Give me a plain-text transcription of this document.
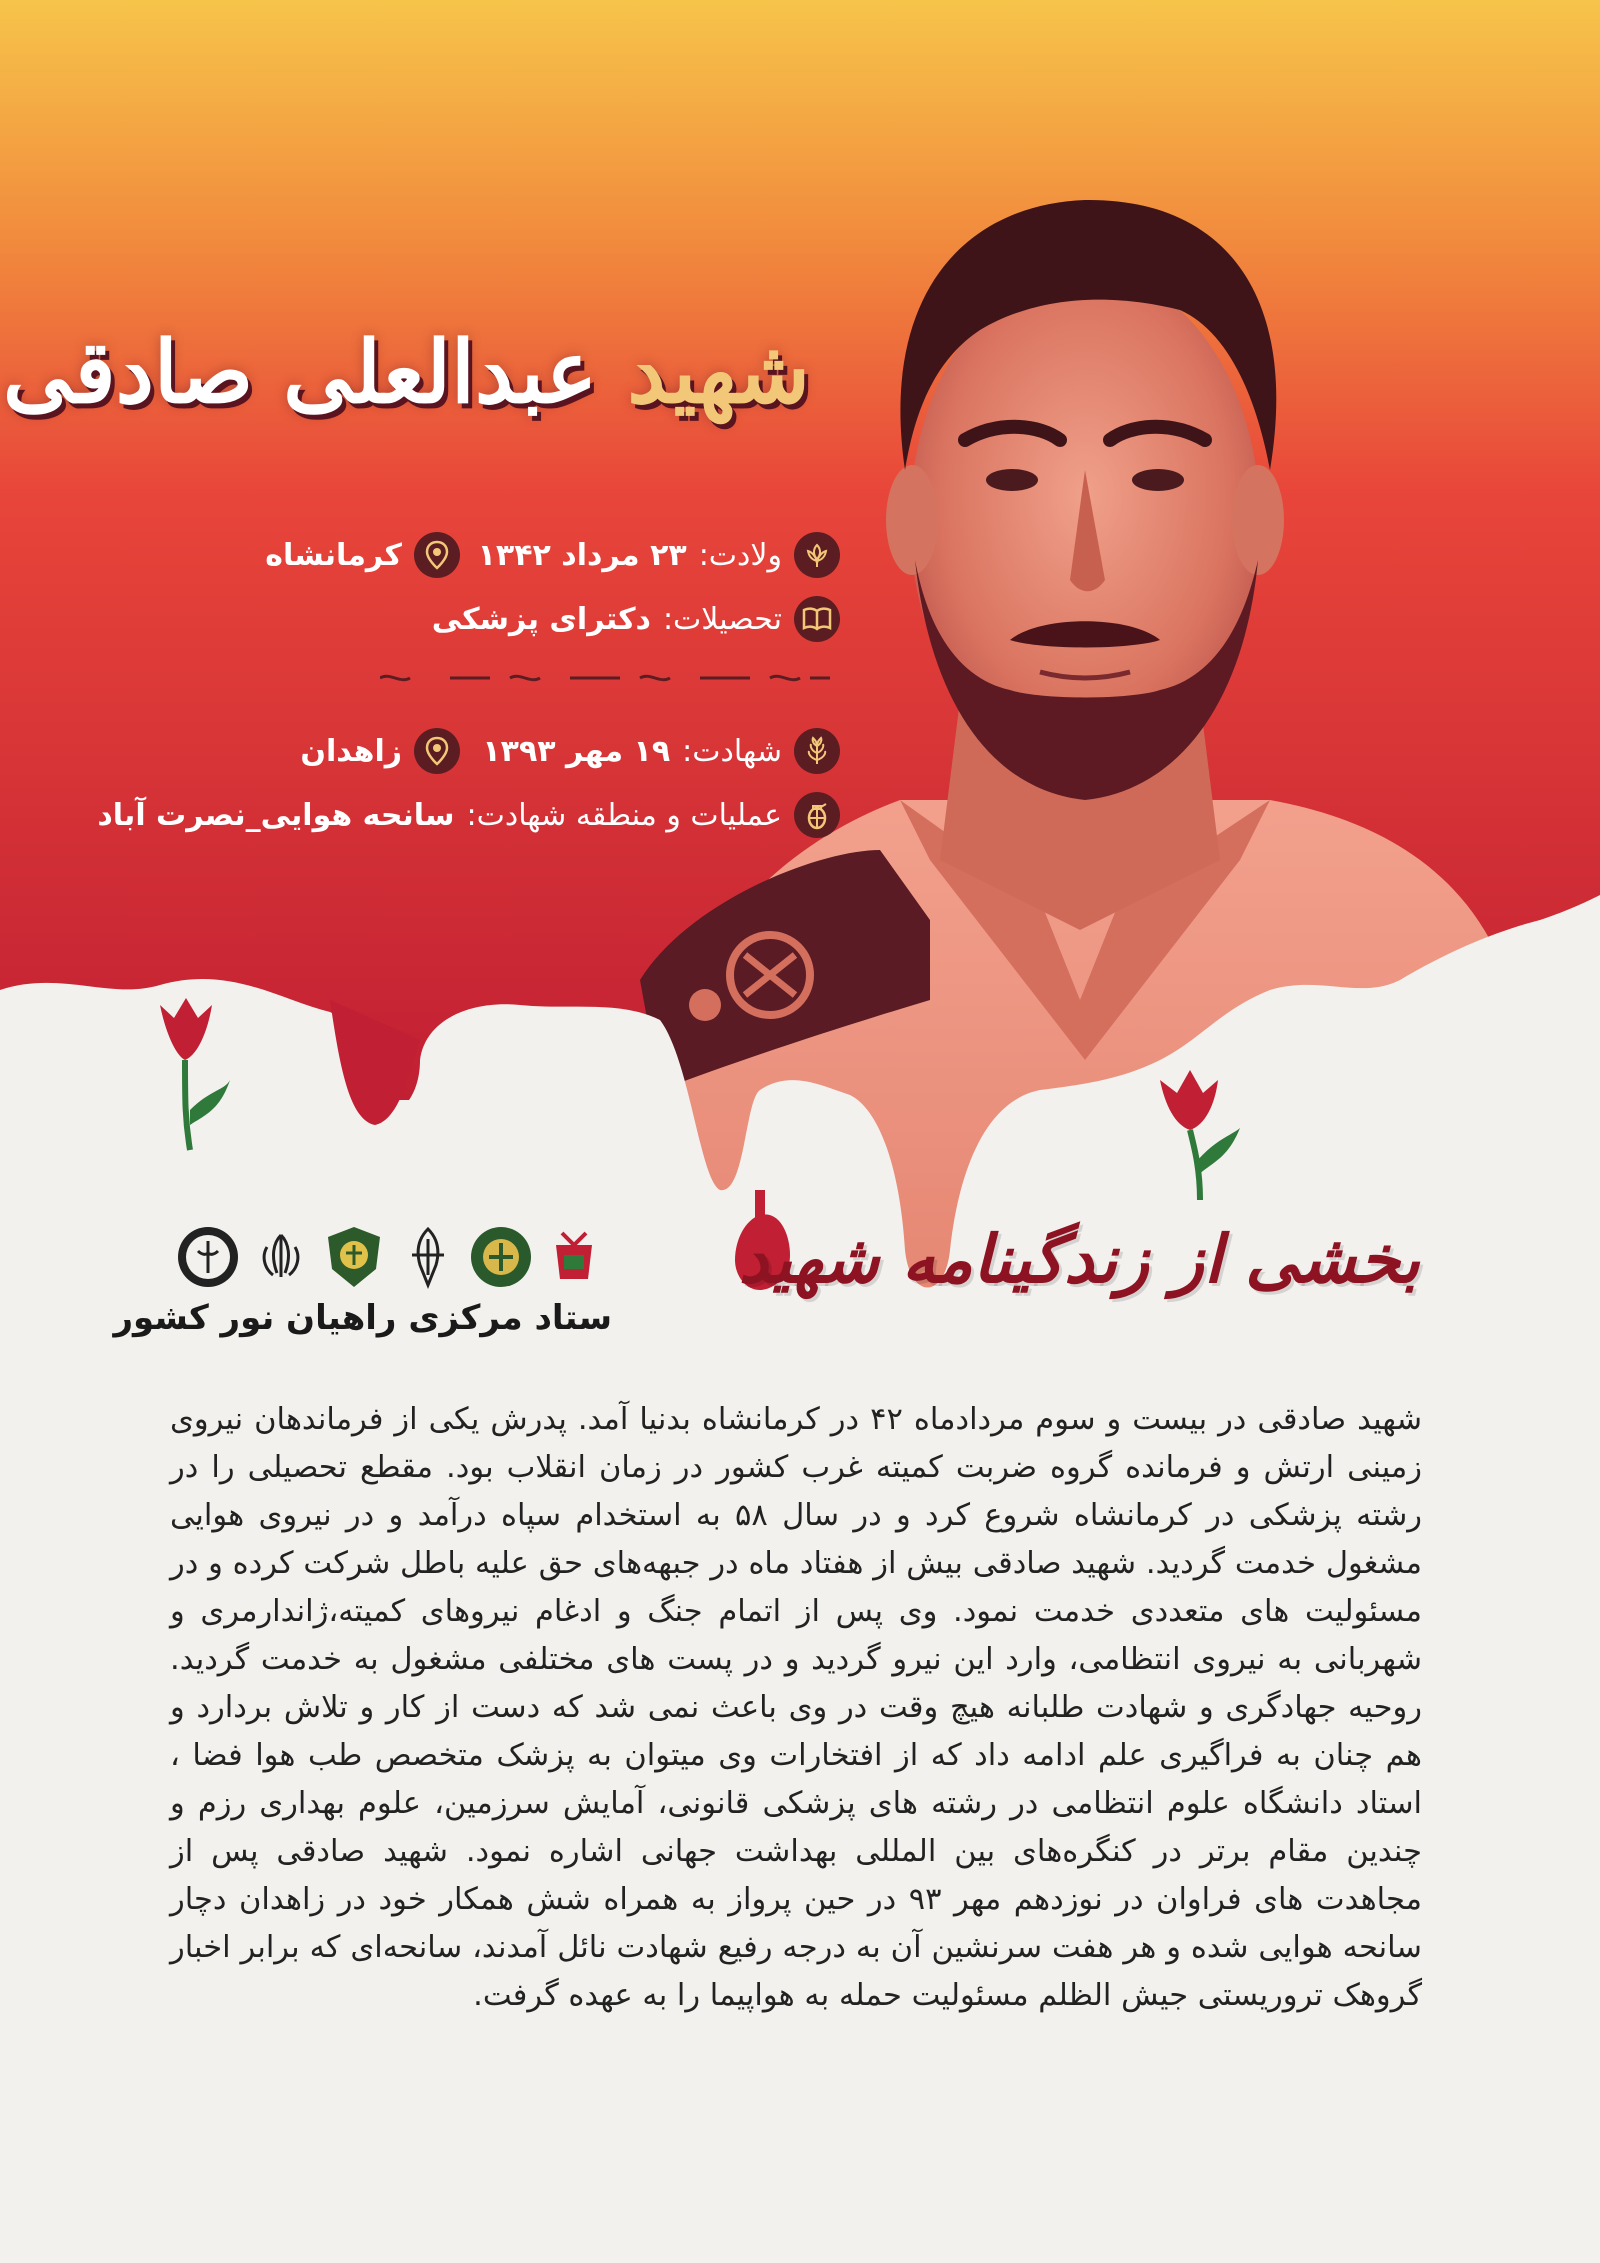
شهید عبدالعلی صادقی
ولادت:
۲۳ مرداد ۱۳۴۲
کرمانشاه
تحصیلات:
دکترای پزشکی
شهادت:
۱۹ مهر ۱۳۹۳
زاهدان
عملیات و منطقه شهادت:
سانحه هوایی_نصرت آباد
بخشی از زندگینامه شهید
ستاد مرکزی راهیان نور کشور
شهید صادقی در بیست و سوم مردادماه ۴۲ در کرمانشاه بدنیا آمد. پدرش یکی از فرماندهان نیروی زمینی ارتش و فرمانده گروه ضربت کمیته غرب کشور در زمان انقلاب بود. مقطع تحصیلی را در رشته پزشکی در کرمانشاه شروع کرد و در سال ۵۸ به استخدام سپاه درآمد و در نیروی هوایی مشغول خدمت گردید. شهید صادقی بیش از هفتاد ماه در جبهه‌های حق علیه باطل شرکت کرده و در مسئولیت های متعددی خدمت نمود. وی پس از اتمام جنگ و ادغام نیروهای کمیته،ژاندارمری و شهربانی به نیروی انتظامی، وارد این نیرو گردید و در پست های مختلفی مشغول به خدمت گردید. روحیه جهادگری و شهادت طلبانه هیچ وقت در وی باعث نمی شد که دست از کار و تلاش بردارد و هم چنان به فراگیری علم ادامه داد که از افتخارات وی میتوان به پزشک متخصص طب هوا فضا ، استاد دانشگاه علوم انتظامی در رشته های پزشکی قانونی، آمایش سرزمین، علوم بهداری رزم و چندین مقام برتر در کنگره‌های بین المللی بهداشت جهانی اشاره نمود. شهید صادقی پس از مجاهدت های فراوان در نوزدهم مهر ۹۳ در حین پرواز به همراه شش همکار خود در زاهدان دچار سانحه هوایی شده و هر هفت سرنشین آن به درجه رفیع شهادت نائل آمدند، سانحه‌ای که برابر اخبار گروهک تروریستی جیش الظلم مسئولیت حمله به هواپیما را به عهده گرفت.
